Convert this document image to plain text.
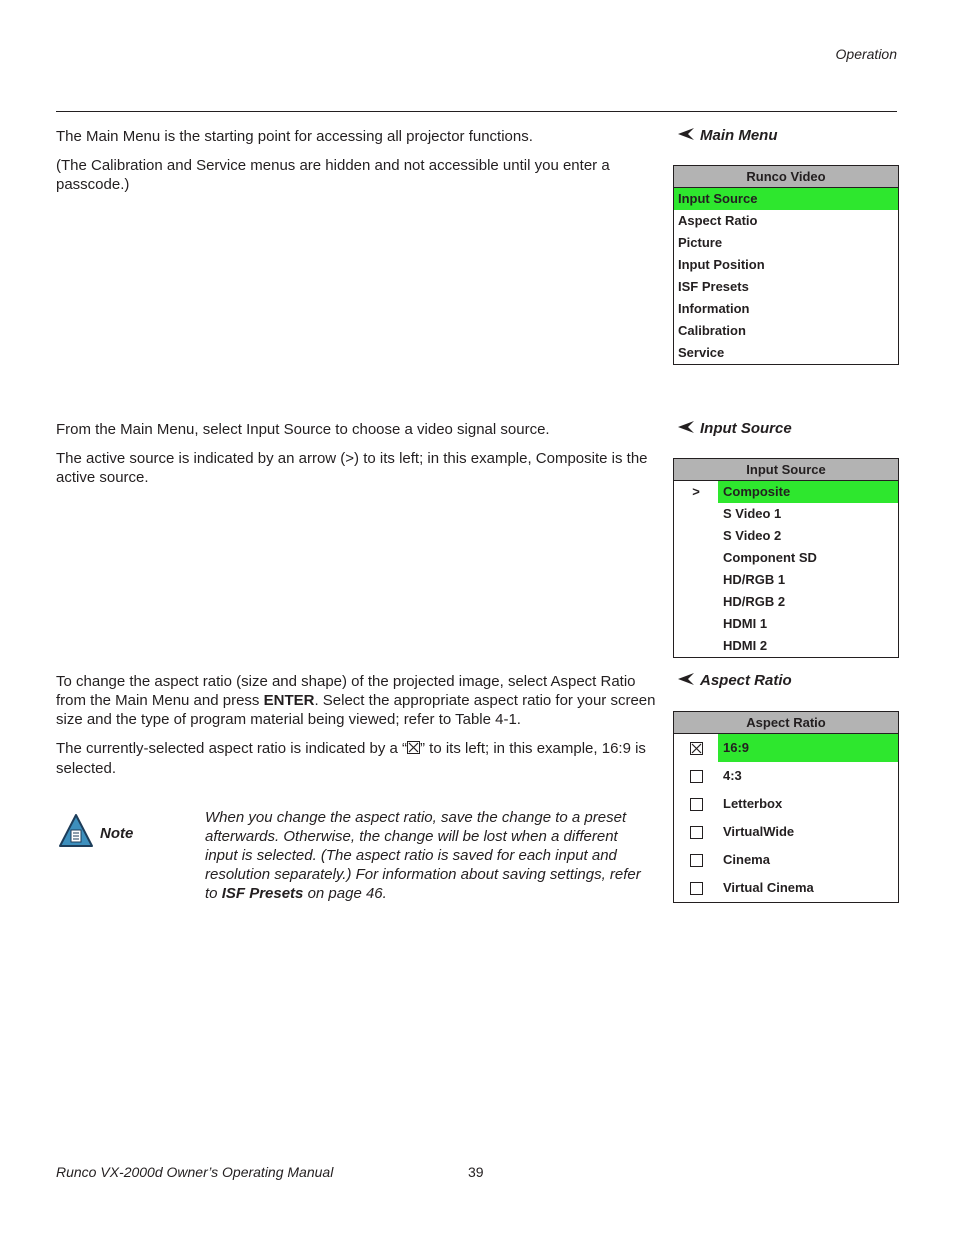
Operation

The Main Menu is the starting point for accessing all projector functions.

(The Calibration and Service menus are hidden and not accessible until you enter a passcode.)

Main Menu
Runco Video
Input Source
Aspect Ratio
Picture
Input Position
ISF Presets
Information
Calibration
Service

From the Main Menu, select Input Source to choose a video signal source.

The active source is indicated by an arrow (>) to its left; in this example, Composite is the active source.

Input Source
Input Source
>	Composite
S Video 1
S Video 2
Component SD
HD/RGB 1
HD/RGB 2
HDMI 1
HDMI 2

To change the aspect ratio (size and shape) of the projected image, select Aspect Ratio from the Main Menu and press ENTER. Select the appropriate aspect ratio for your screen size and the type of program material being viewed; refer to Table 4-1.

The currently-selected aspect ratio is indicated by a “ ” to its left; in this example, 16:9 is selected.

Aspect Ratio
Aspect Ratio
16:9
4:3
Letterbox
VirtualWide
Cinema
Virtual Cinema
Note

When you change the aspect ratio, save the change to a preset afterwards. Otherwise, the change will be lost when a different input is selected. (The aspect ratio is saved for each input and resolution separately.) For information about saving settings, refer to ISF Presets on page 46.

Runco VX-2000d Owner’s Operating Manual	39
